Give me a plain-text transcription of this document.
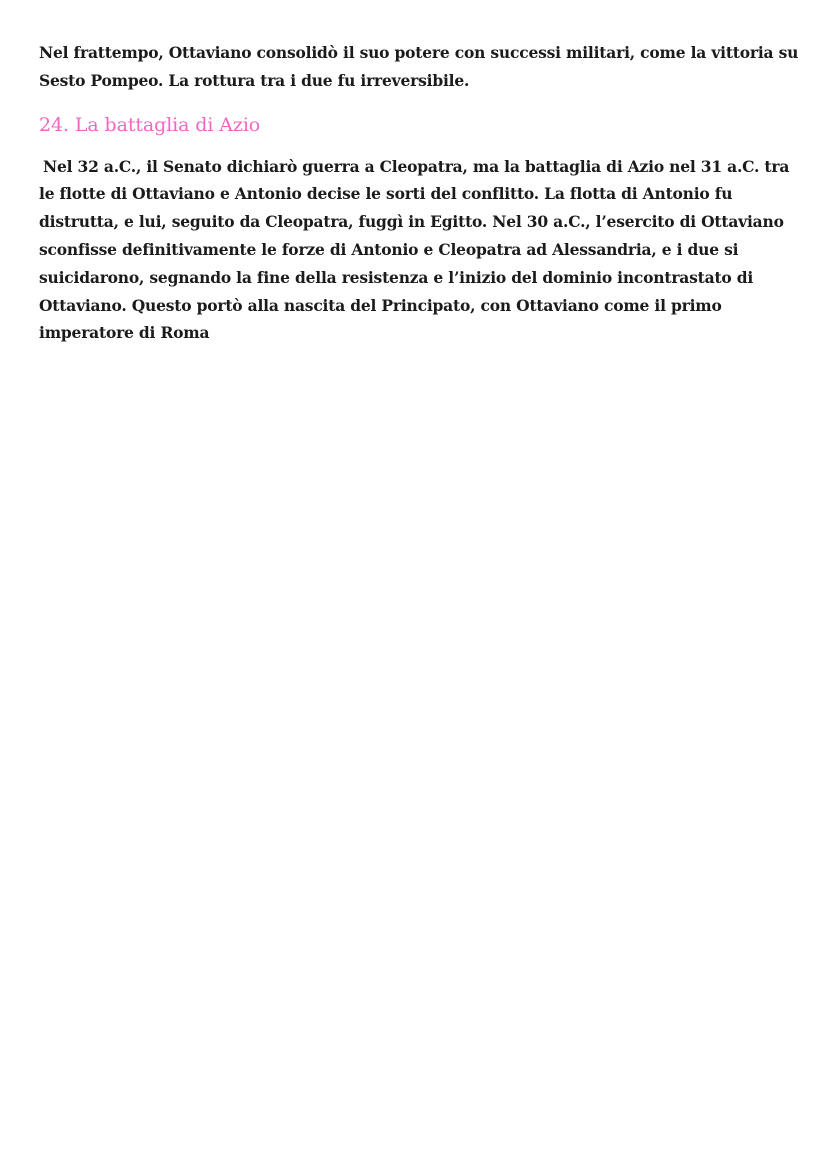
Nel frattempo, Ottaviano consolidò il suo potere con successi militari, come la vittoria su Sesto Pompeo. La rottura tra i due fu irreversibile.

24. La battaglia di Azio

Nel 32 a.C., il Senato dichiarò guerra a Cleopatra, ma la battaglia di Azio nel 31 a.C. tra le flotte di Ottaviano e Antonio decise le sorti del conflitto. La flotta di Antonio fu distrutta, e lui, seguito da Cleopatra, fuggì in Egitto. Nel 30 a.C., l’esercito di Ottaviano sconfisse definitivamente le forze di Antonio e Cleopatra ad Alessandria, e i due si suicidarono, segnando la fine della resistenza e l’inizio del dominio incontrastato di Ottaviano. Questo portò alla nascita del Principato, con Ottaviano come il primo imperatore di Roma
